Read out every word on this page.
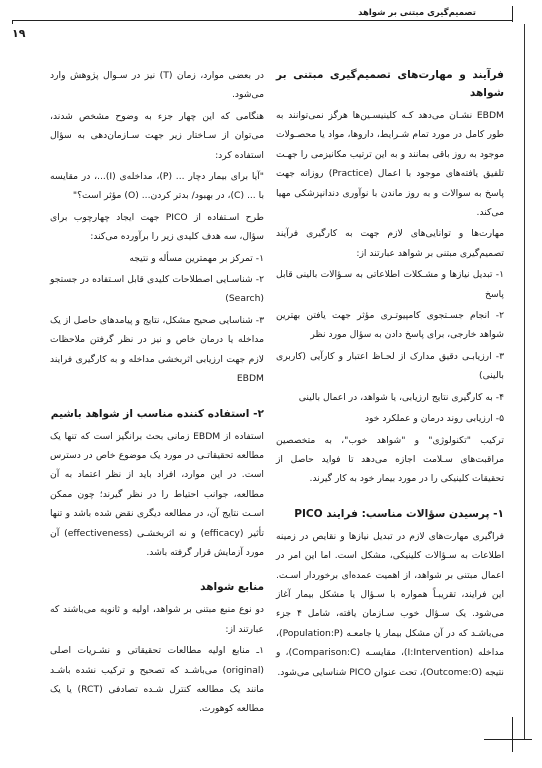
تصمیم‌گیری مبتنی بر شواهد
۱۹
فرآیند و مهارت‌های تصمیم‌گیری مبتنی بر شواهد

EBDM نشـان می‌دهد کـه کلینیسـین‌ها هرگز نمی‌توانند به طور کامل در مورد تمام شـرایط، داروها، مواد یا محصـولات موجود به روز باقی بمانند و به این ترتیب مکانیزمی را جهـت تلفیق یافته‌های موجود با اعمال (Practice) روزانه جهت پاسخ به سوالات و به روز ماندن با نوآوری دندانپزشکی مهیا می‌کند.

مهارت‌ها و توانایی‌های لازم جهت به کارگیری فرآیند تصمیم‌گیری مبتنی بر شواهد عبارتند از:

۱- تبدیل نیازها و مشـکلات اطلاعاتی به سـؤالات بالینی قابل پاسخ

۲- انجام جسـتجوی کامپیوتـری مؤثر جهت یافتن بهترین شواهد خارجی، برای پاسخ دادن به سؤال مورد نظر

۳- ارزیابـی دقیق مدارک از لحـاظ اعتبار و کارآیی (کاربری بالینی)

۴- به کارگیری نتایج ارزیابی، یا شواهد، در اعمال بالینی

۵- ارزیابی روند درمان و عملکرد خود

ترکیب "تکنولوژی" و "شواهد خوب"، به متخصصین مراقبت‌های سـلامت اجازه می‌دهد تا فواید حاصل از تحقیقات کلینیکی را در مورد بیمار خود به کار گیرند.

۱- پرسیدن سؤالات مناسب: فرایند PICO

فراگیری مهارت‌های لازم در تبدیل نیازها و نقایص در زمینه اطلاعات به سـؤالات کلینیکی، مشکل است. اما این امر در اعمال مبتنی بر شواهد، از اهمیت عمده‌ای برخوردار اسـت. این فرایند، تقریبـاً همواره با سـؤال یا مشکل بیمار آغاز می‌شود. یک سـؤال خوب سـازمان یافته، شامل ۴ جزء می‌باشـد که در آن مشکل بیمار یا جامعـه (Population:P)، مداخله (I:Intervention)، مقایسـه (Comparison:C)، و نتیجه (Outcome:O)، تحت عنوان PICO شناسایی می‌شود.

در بعضی موارد، زمان (T) نیز در سـوال پژوهش وارد می‌شود.

هنگامی که این چهار جزء به وضوح مشخص شدند، می‌توان از سـاختار زیر جهت سـازمان‌دهی به سؤال استفاده کرد:

"آیا برای بیمار دچار ... (P)، مداخله‌ی (I)...، در مقایسه با ... (C)، در بهبود/ بدتر کردن... (O) مؤثر است؟"

طرح اسـتفاده از PICO جهت ایجاد چهارچوب برای سؤال، سه هدف کلیدی زیر را برآورده می‌کند:

۱- تمرکز بر مهمترین مسأله و نتیجه

۲- شناسـایی اصطلاحات کلیدی قابل اسـتفاده در جستجو (Search)

۳- شناسایی صحیح مشکل، نتایج و پیامدهای حاصل از یک مداخله یا درمان خاص و نیز در نظر گرفتن ملاحظات لازم جهت ارزیابی اثربخشی مداخله و به کارگیری فرایند EBDM

۲- استفاده کننده مناسب از شواهد باشیم

استفاده از EBDM زمانی بحث برانگیز است که تنها یک مطالعه تحقیقاتـی در مورد یک موضوع خاص در دسترس است. در این موارد، افراد باید از نظر اعتماد به آن مطالعه، جوانب احتیاط را در نظر گیرند؛ چون ممکن اسـت نتایج آن، در مطالعه دیگری نقض شده باشد و تنها تأثیر (efficacy) و نه اثربخشـی (effectiveness) آن مورد آزمایش قرار گرفته باشد.

منابع شواهد

دو نوع منبع مبتنی بر شواهد، اولیه و ثانویه می‌باشند که عبارتند از:

۱ـ منابع اولیه مطالعات تحقیقاتی و نشـریات اصلی (original) می‌باشـد که تصحیح و ترکیب نشده باشـد مانند یک مطالعه کنترل شـده تصادفی (RCT) یا یک مطالعه کوهورت.
